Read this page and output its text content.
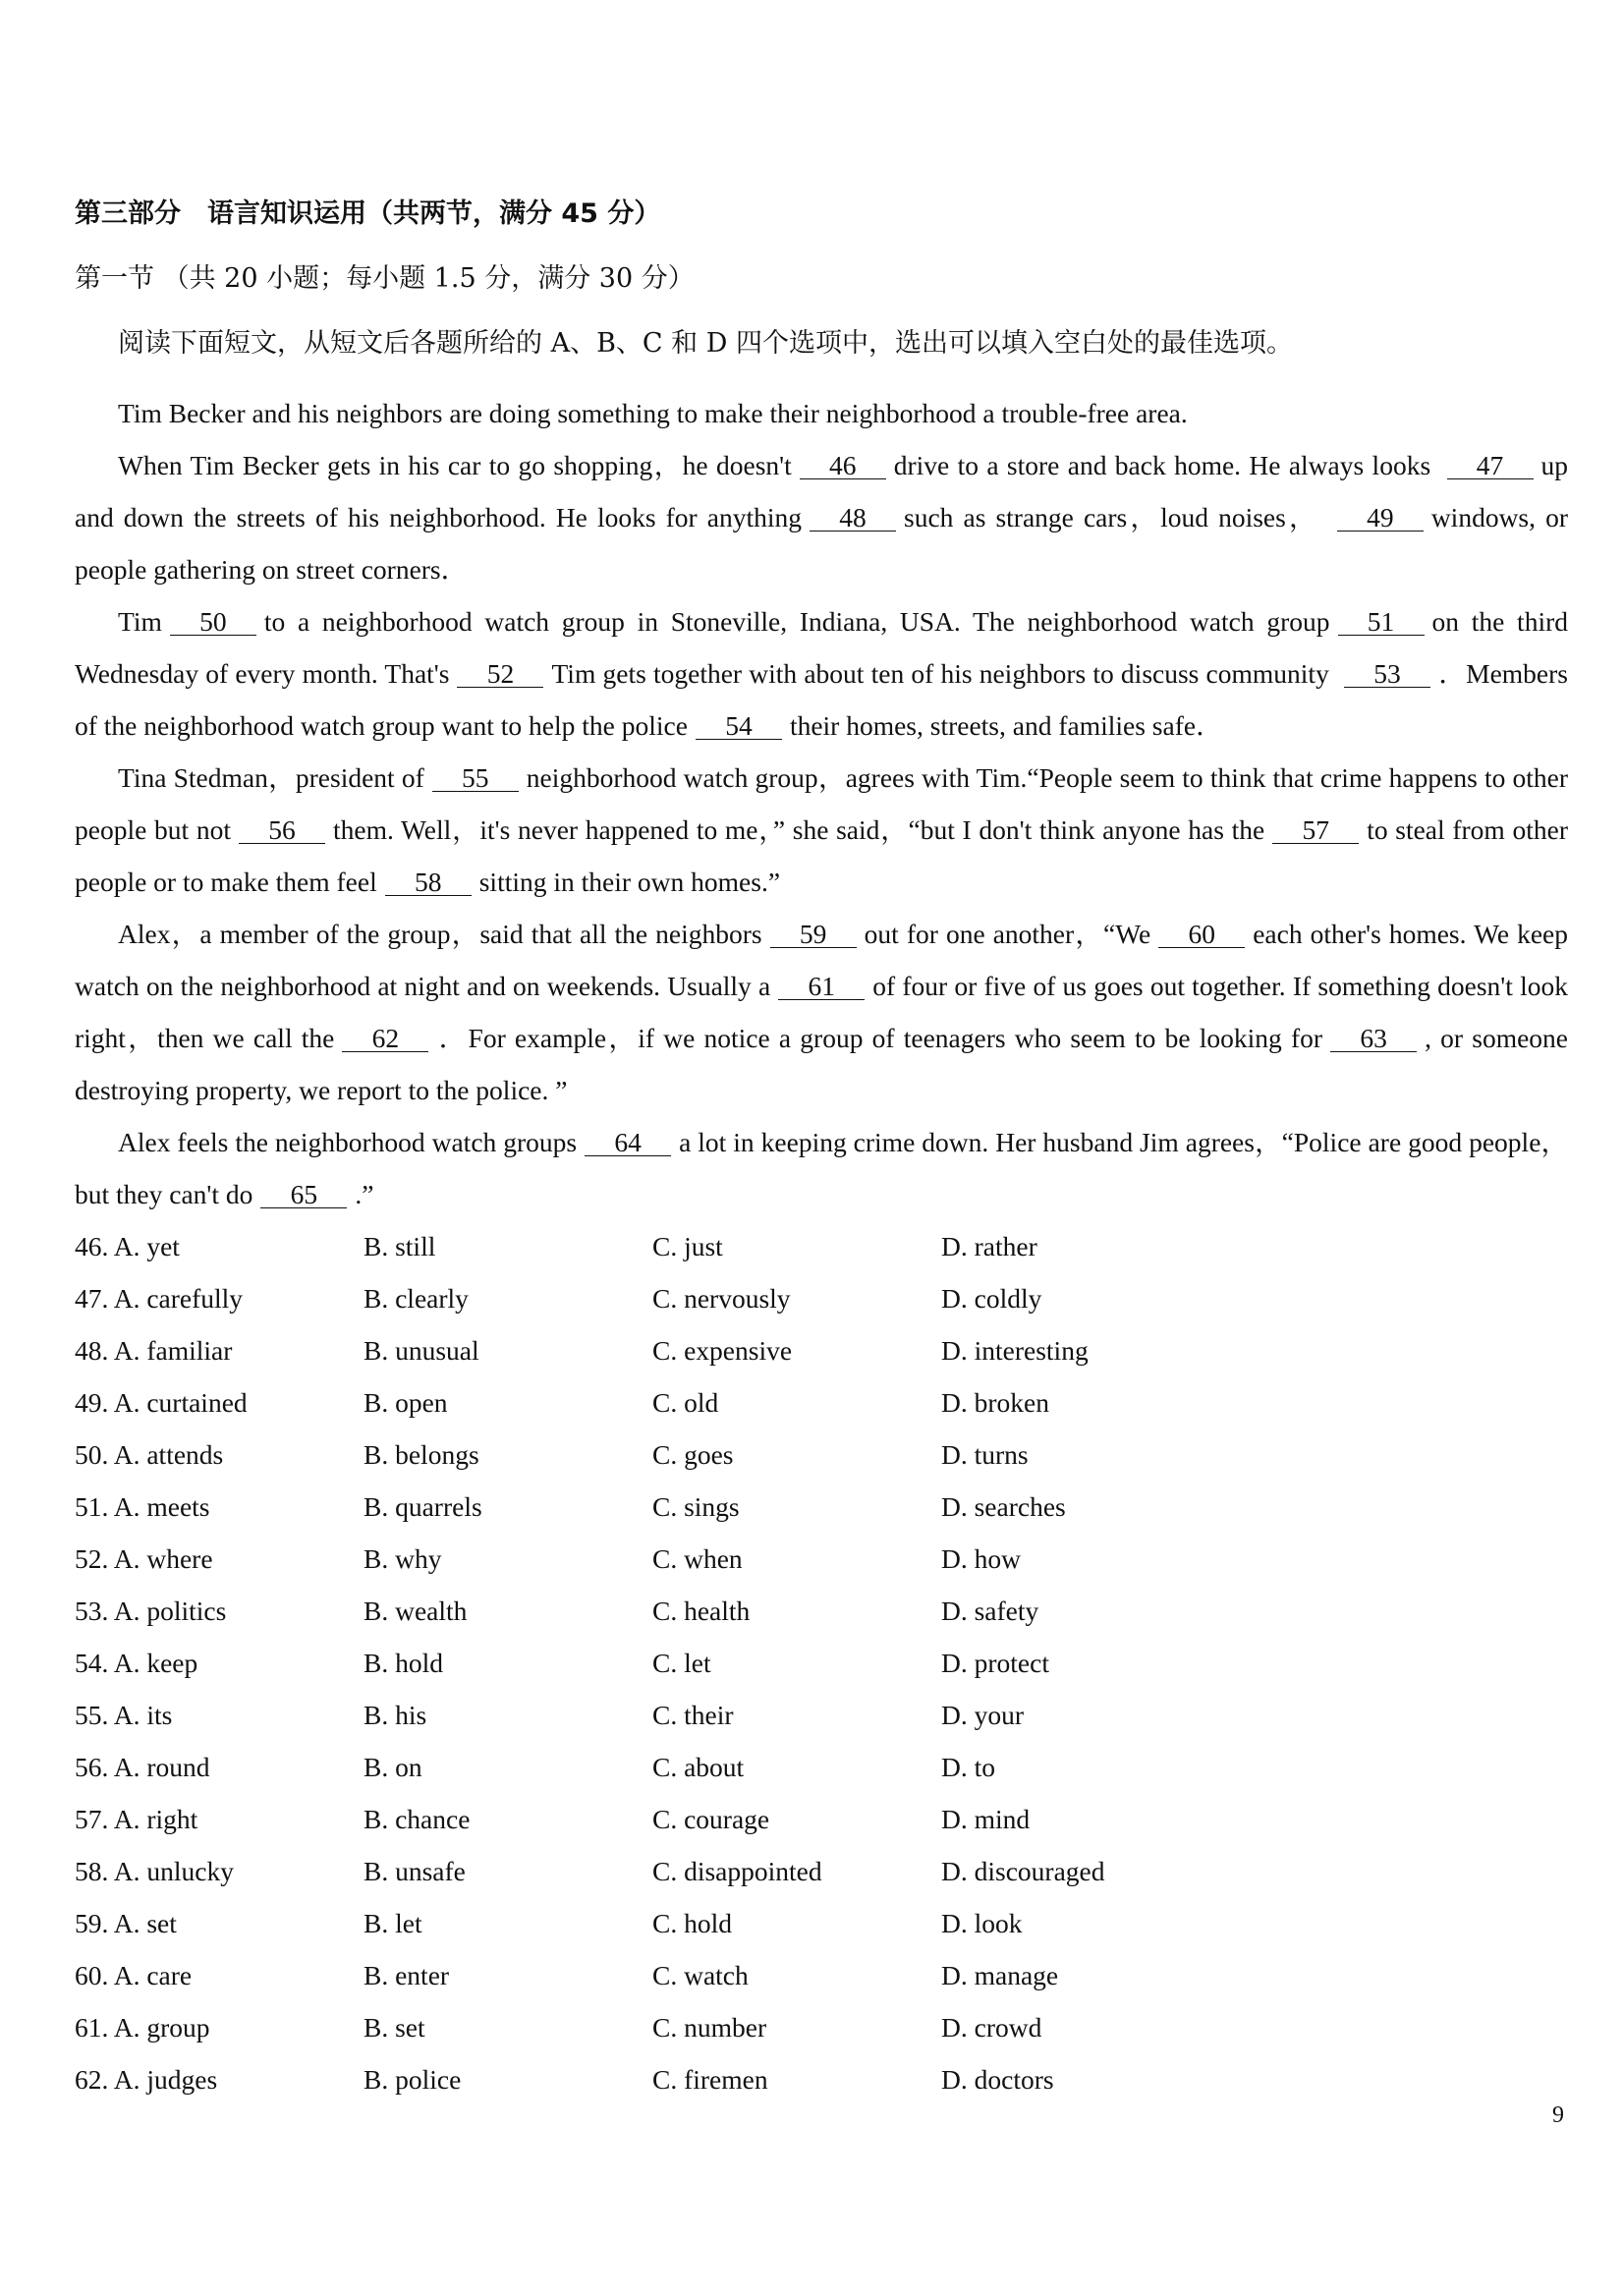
第三部分　语言知识运用（共两节，满分 45 分）
第一节 （共 20 小题；每小题 1.5 分，满分 30 分）
阅读下面短文，从短文后各题所给的 A、B、C 和 D 四个选项中，选出可以填入空白处的最佳选项。

Tim Becker and his neighbors are doing something to make their neighborhood a trouble-free area.

When Tim Becker gets in his car to go shopping，he doesn't 46 drive to a store and back home. He always looks 47 up and down the streets of his neighborhood. He looks for anything 48 such as strange cars，loud noises， 49 windows, or people gathering on street corners．

Tim 50 to a neighborhood watch group in Stoneville, Indiana, USA. The neighborhood watch group 51 on the third Wednesday of every month. That's 52 Tim gets together with about ten of his neighbors to discuss community 53 ．Members of the neighborhood watch group want to help the police 54 their homes, streets, and families safe．

Tina Stedman，president of 55 neighborhood watch group，agrees with Tim.“People seem to think that crime happens to other people but not 56 them. Well，it's never happened to me，” she said，“but I don't think anyone has the 57 to steal from other people or to make them feel 58 sitting in their own homes.”

Alex，a member of the group，said that all the neighbors 59 out for one another，“We 60 each other's homes. We keep watch on the neighborhood at night and on weekends. Usually a 61 of four or five of us goes out together. If something doesn't look right，then we call the 62 ．For example，if we notice a group of teenagers who seem to be looking for 63 , or someone destroying property, we report to the police. ”

Alex feels the neighborhood watch groups 64 a lot in keeping crime down. Her husband Jim agrees，“Police are good people，but they can't do 65 .”

46. A. yet	B. still	C. just	D. rather
47. A. carefully	B. clearly	C. nervously	D. coldly
48. A. familiar	B. unusual	C. expensive	D. interesting
49. A. curtained	B. open	C. old	D. broken
50. A. attends	B. belongs	C. goes	D. turns
51. A. meets	B. quarrels	C. sings	D. searches
52. A. where	B. why	C. when	D. how
53. A. politics	B. wealth	C. health	D. safety
54. A. keep	B. hold	C. let	D. protect
55. A. its	B. his	C. their	D. your
56. A. round	B. on	C. about	D. to
57. A. right	B. chance	C. courage	D. mind
58. A. unlucky	B. unsafe	C. disappointed	D. discouraged
59. A. set	B. let	C. hold	D. look
60. A. care	B. enter	C. watch	D. manage
61. A. group	B. set	C. number	D. crowd
62. A. judges	B. police	C. firemen	D. doctors
9
